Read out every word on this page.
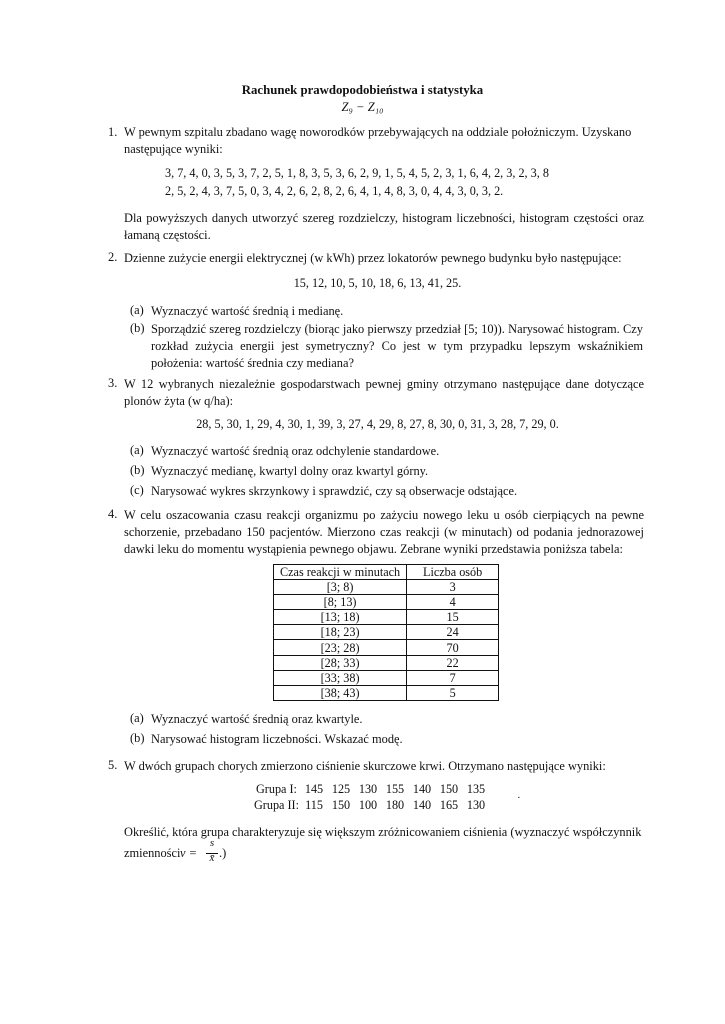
Rachunek prawdopodobieństwa i statystyka
Z₉ − Z₁₀
1. W pewnym szpitalu zbadano wagę noworodków przebywających na oddziale położniczym. Uzyskano
następujące wyniki:
3, 7, 4, 0, 3, 5, 3, 7, 2, 5, 1, 8, 3, 5, 3, 6, 2, 9, 1, 5, 4, 5, 2, 3, 1, 6, 4, 2, 3, 2, 3, 8
2, 5, 2, 4, 3, 7, 5, 0, 3, 4, 2, 6, 2, 8, 2, 6, 4, 1, 4, 8, 3, 0, 4, 4, 3, 0, 3, 2.
Dla powyższych danych utworzyć szereg rozdzielczy, histogram liczebności, histogram częstości oraz łamaną częstości.
2. Dzienne zużycie energii elektrycznej (w kWh) przez lokatorów pewnego budynku było następujące:
15, 12, 10, 5, 10, 18, 6, 13, 41, 25.
(a) Wyznaczyć wartość średnią i medianę.
(b) Sporządzić szereg rozdzielczy (biorąc jako pierwszy przedział [5; 10)). Narysować histogram. Czy rozkład zużycia energii jest symetryczny? Co jest w tym przypadku lepszym wskaźnikiem położenia: wartość średnia czy mediana?
3. W 12 wybranych niezależnie gospodarstwach pewnej gminy otrzymano następujące dane dotyczące plonów żyta (w q/ha):
28, 5, 30, 1, 29, 4, 30, 1, 39, 3, 27, 4, 29, 8, 27, 8, 30, 0, 31, 3, 28, 7, 29, 0.
(a) Wyznaczyć wartość średnią oraz odchylenie standardowe.
(b) Wyznaczyć medianę, kwartyl dolny oraz kwartyl górny.
(c) Narysować wykres skrzynkowy i sprawdzić, czy są obserwacje odstające.
4. W celu oszacowania czasu reakcji organizmu po zażyciu nowego leku u osób cierpiących na pewne schorzenie, przebadano 150 pacjentów. Mierzono czas reakcji (w minutach) od podania jednorazowej dawki leku do momentu wystąpienia pewnego objawu. Zebrane wyniki przedstawia poniższa tabela:
Czas reakcji w minutach	Liczba osób
[3; 8)	3
[8; 13)	4
[13; 18)	15
[18; 23)	24
[23; 28)	70
[28; 33)	22
[33; 38)	7
[38; 43)	5
(a) Wyznaczyć wartość średnią oraz kwartyle.
(b) Narysować histogram liczebności. Wskazać modę.
5. W dwóch grupach chorych zmierzono ciśnienie skurczowe krwi. Otrzymano następujące wyniki:
Grupa I: 145 125 130 155 140 150 135
Grupa II: 115 150 100 180 140 165 130	·
Określić, która grupa charakteryzuje się większym zróżnicowaniem ciśnienia (wyznaczyć współczynnik
zmienności v =
s
x̄ .)
